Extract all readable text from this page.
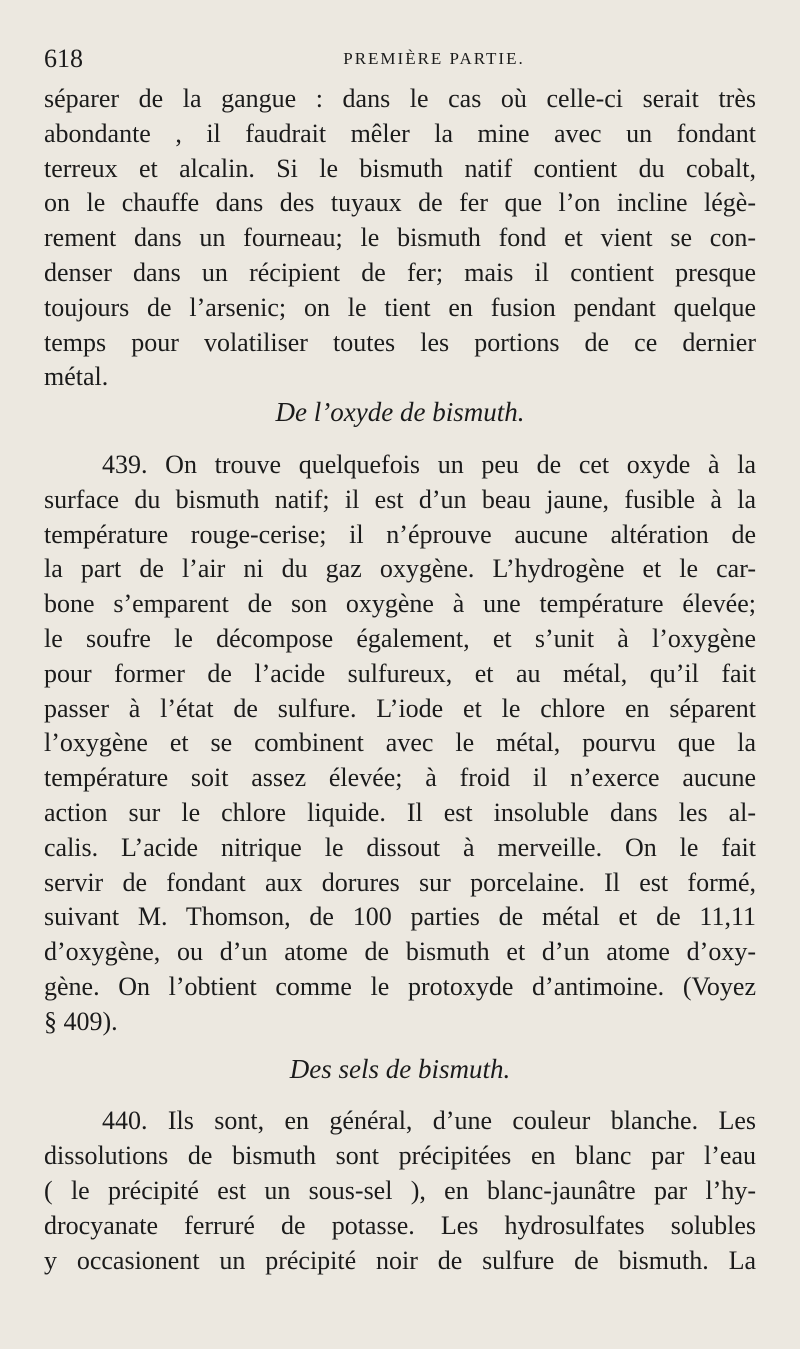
618	PREMIÈRE PARTIE.
séparer de la gangue : dans le cas où celle-ci serait très
abondante , il faudrait mêler la mine avec un fondant
terreux et alcalin. Si le bismuth natif contient du cobalt,
on le chauffe dans des tuyaux de fer que l’on incline légè-
rement dans un fourneau; le bismuth fond et vient se con-
denser dans un récipient de fer; mais il contient presque
toujours de l’arsenic; on le tient en fusion pendant quelque
temps pour volatiliser toutes les portions de ce dernier
métal.
De l’oxyde de bismuth.
439. On trouve quelquefois un peu de cet oxyde à la
surface du bismuth natif; il est d’un beau jaune, fusible à la
température rouge-cerise; il n’éprouve aucune altération de
la part de l’air ni du gaz oxygène. L’hydrogène et le car-
bone s’emparent de son oxygène à une température élevée;
le soufre le décompose également, et s’unit à l’oxygène
pour former de l’acide sulfureux, et au métal, qu’il fait
passer à l’état de sulfure. L’iode et le chlore en séparent
l’oxygène et se combinent avec le métal, pourvu que la
température soit assez élevée; à froid il n’exerce aucune
action sur le chlore liquide. Il est insoluble dans les al-
calis. L’acide nitrique le dissout à merveille. On le fait
servir de fondant aux dorures sur porcelaine. Il est formé,
suivant M. Thomson, de 100 parties de métal et de 11,11
d’oxygène, ou d’un atome de bismuth et d’un atome d’oxy-
gène. On l’obtient comme le protoxyde d’antimoine. (Voyez
§ 409).
Des sels de bismuth.
440. Ils sont, en général, d’une couleur blanche. Les
dissolutions de bismuth sont précipitées en blanc par l’eau
( le précipité est un sous-sel ), en blanc-jaunâtre par l’hy-
drocyanate ferruré de potasse. Les hydrosulfates solubles
y occasionent un précipité noir de sulfure de bismuth. La
